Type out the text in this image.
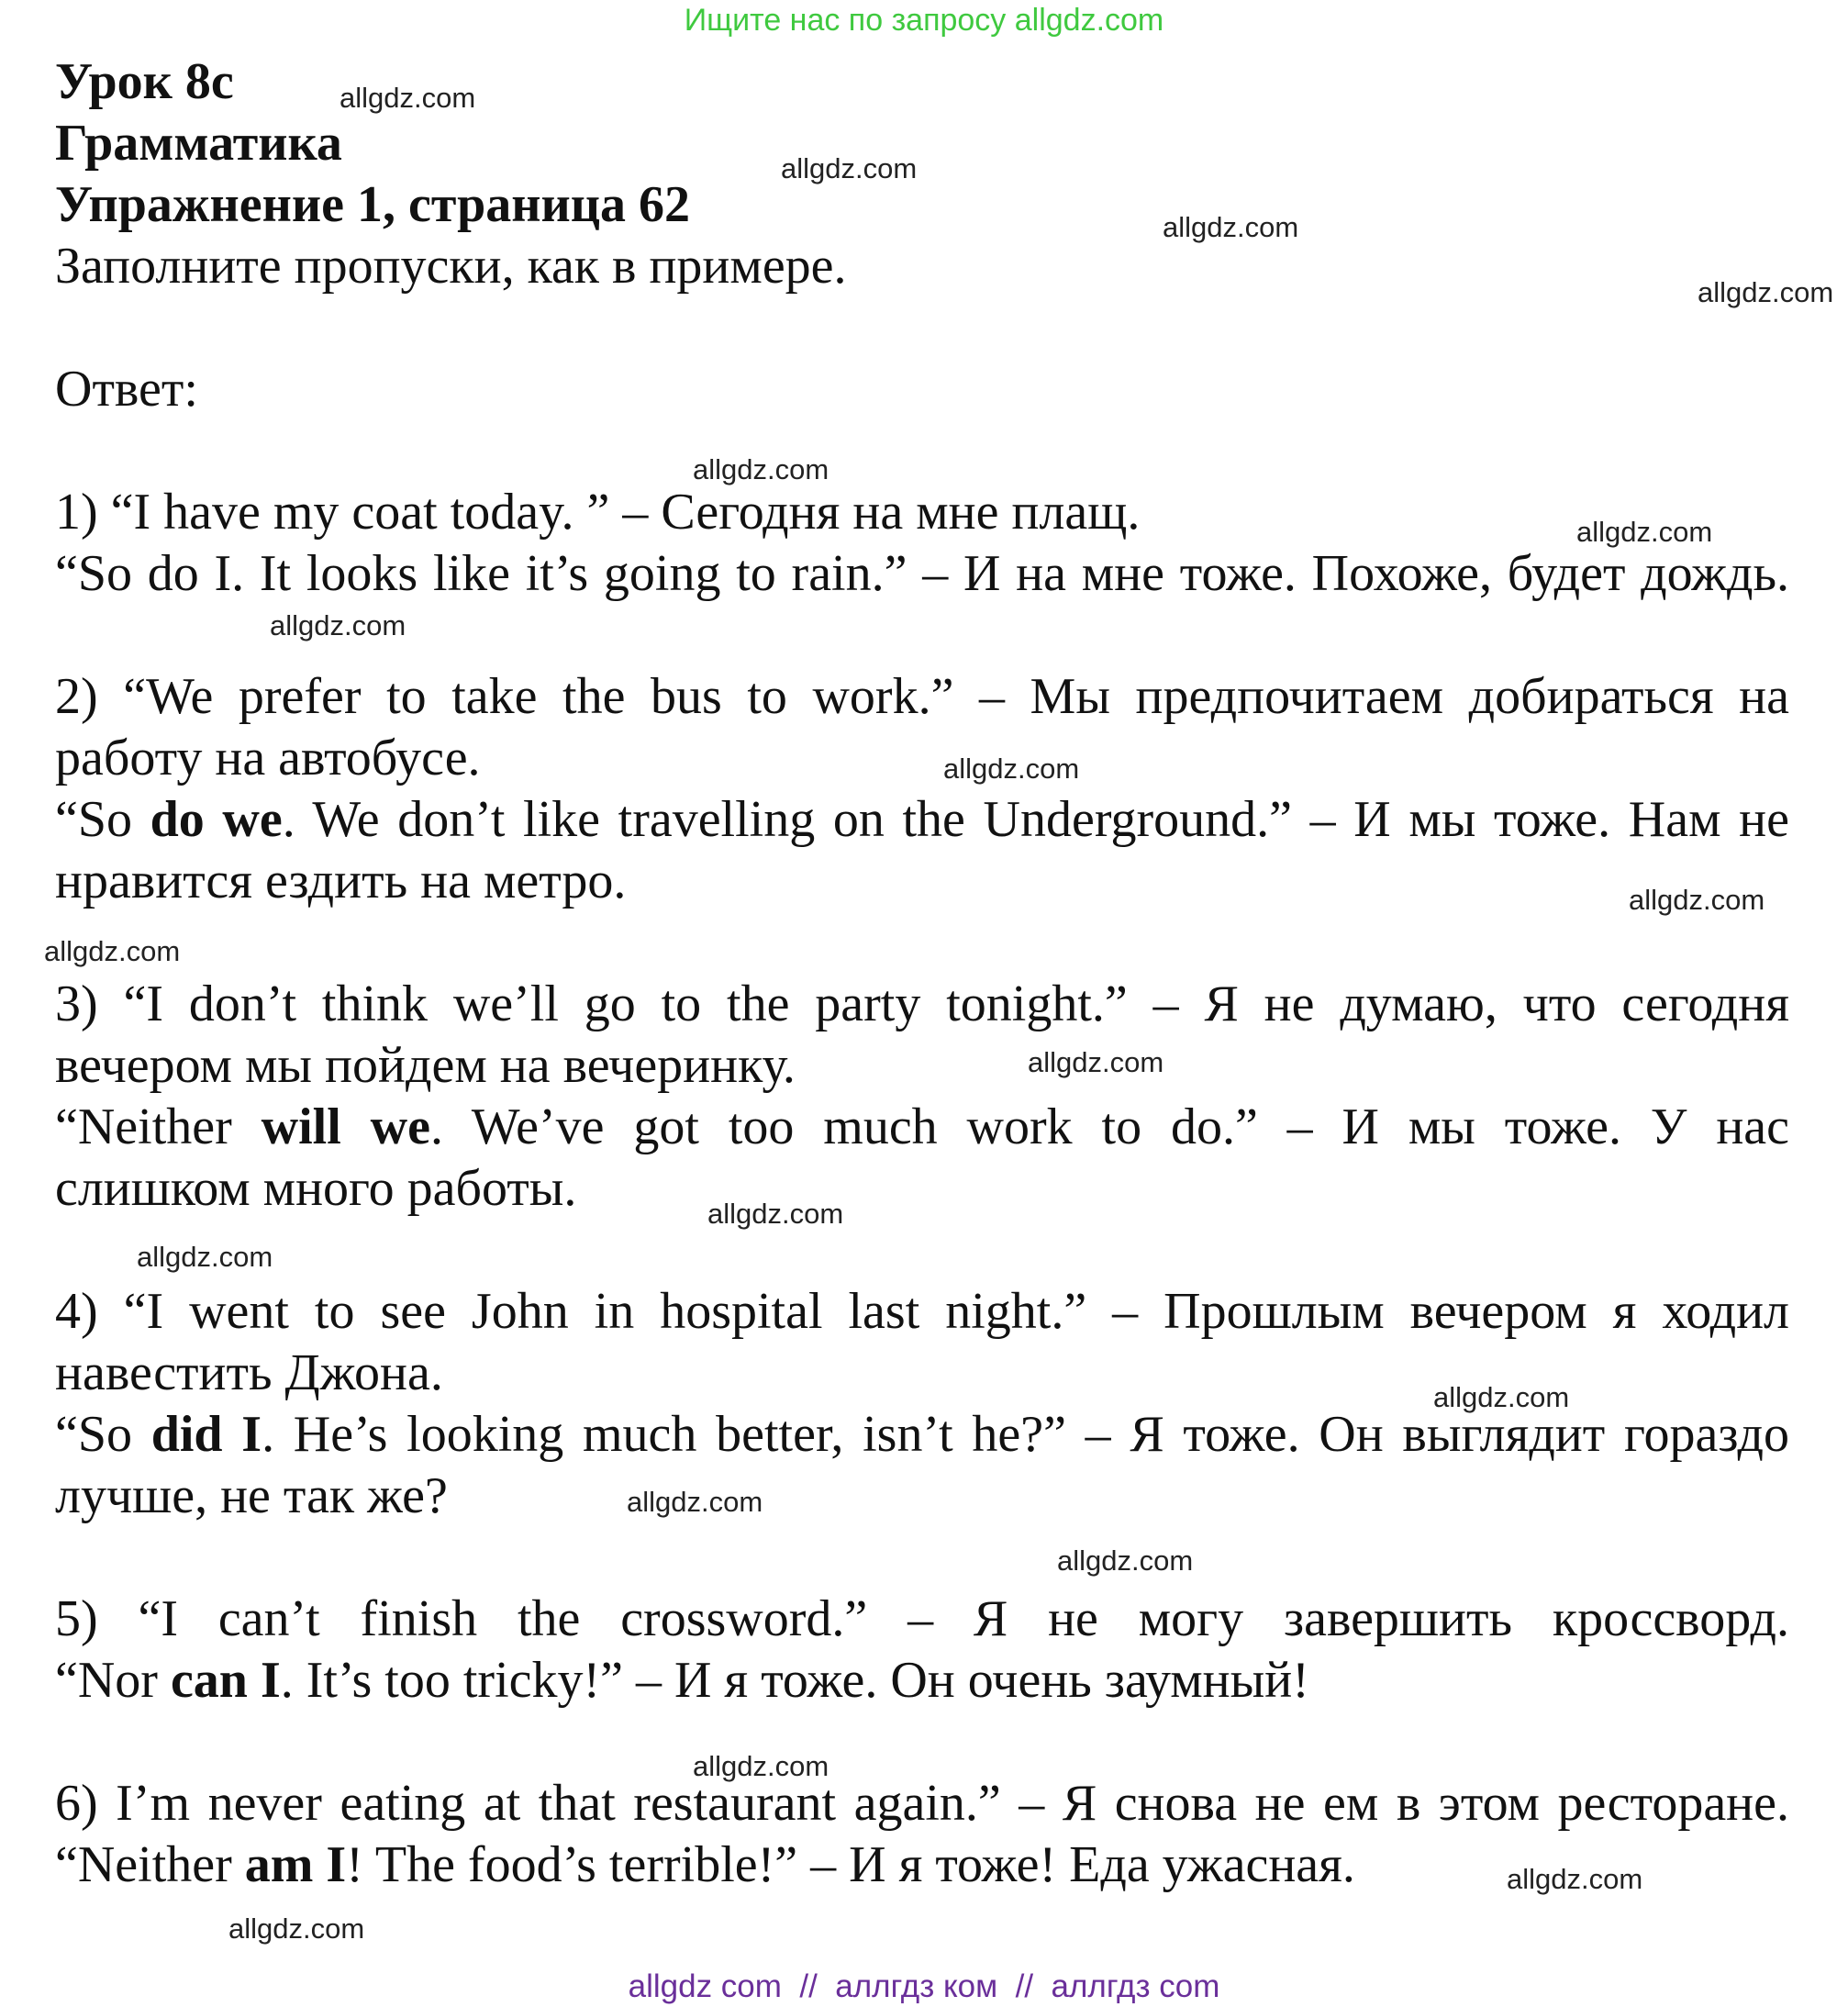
Ищите нас по запросу allgdz.com
Урок 8c
Грамматика
Упражнение 1, страница 62
Заполните пропуски, как в примере.
Ответ:
1) “I have my coat today. ” – Сегодня на мне плащ.
“So do I. It looks like it’s going to rain.” – И на мне тоже. Похоже, будет дождь.
2) “We prefer to take the bus to work.” – Мы предпочитаем добираться на
работу на автобусе.
“So do we. We don’t like travelling on the Underground.” – И мы тоже. Нам не
нравится ездить на метро.
3) “I don’t think we’ll go to the party tonight.” – Я не думаю, что сегодня
вечером мы пойдем на вечеринку.
“Neither will we. We’ve got too much work to do.” – И мы тоже. У нас
слишком много работы.
4) “I went to see John in hospital last night.” – Прошлым вечером я ходил
навестить Джона.
“So did I. He’s looking much better, isn’t he?” – Я тоже. Он выглядит гораздо
лучше, не так же?
5) “I can’t finish the crossword.” – Я не могу завершить кроссворд.
“Nor can I. It’s too tricky!” – И я тоже. Он очень заумный!
6) I’m never eating at that restaurant again.” – Я снова не ем в этом ресторане.
“Neither am I! The food’s terrible!” – И я тоже! Еда ужасная.
allgdz.com
allgdz.com
allgdz.com
allgdz.com
allgdz.com
allgdz.com
allgdz.com
allgdz.com
allgdz.com
allgdz.com
allgdz.com
allgdz.com
allgdz.com
allgdz.com
allgdz.com
allgdz.com
allgdz.com
allgdz.com
allgdz.com
allgdz com  //  аллгдз ком  //  аллгдз com
